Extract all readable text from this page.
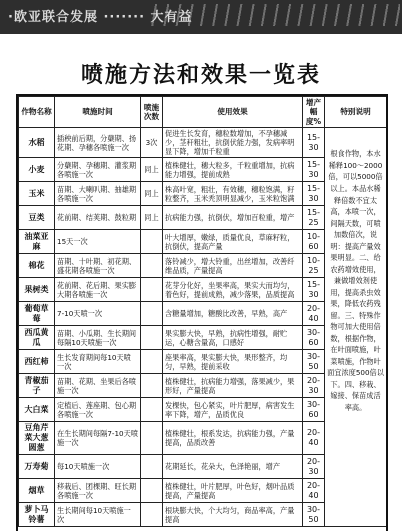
·欧亚联合发展 ······· 大有益
喷施方法和效果一览表
作物名称	喷施时间	喷施次数	使用效果	增产幅度%	特别说明
水稻	插秧前后期，分蘖期、扬花期、孕穗各喷施一次	3次	促进生长发育，穗粒数增加，不孕穗减少，茎秆粗壮，抗倒伏能力强，发病率明显下降，增加千粒重	15-30	根食作物，本水稀释100～2000倍，可以5000倍以上。本品水稀释倍数不宜太高，本喷一次，间隔天数，可喷加数倍次，说明：提高产量效果明显。二、给农药增效使用，兼做增效剂使用，提高杀虫效果，降低农药残留。三、特殊作物可加大使用倍数，根据作物，在叶面喷施，叶菜喷施，作物叶面宜浓度500倍以下。四、移栽、嫁接、保苗成活率高。
小麦	分蘖期、孕穗期、灌浆期各喷施一次	同上	植株健壮，穗大粒多，千粒重增加，抗病能力增强，提前成熟	15-30	
玉米	苗期、大喇叭期、抽雄期各喷施一次	同上	株高叶宽，粗壮，有效穗，穗粒饱满，籽粒整齐，玉米秃顶明显减少，玉米粒饱满	15-30	
豆类	花前期、结荚期、鼓粒期	同上	抗病能力强，抗倒伏，增加百粒重，增产	15-25	
油菜亚麻	15天一次		叶大增厚，嫩绿，质量优良，草麻籽粒，抗倒伏，提高产量	10-60	
棉花	苗期、十叶期、初花期、盛花期各喷施一次		落铃减少，增大铃重，出丝增加，改善纤维品质，产量提高	10-25	
果树类	花前期、花后期、果实膨大期各喷施一次		花芽分化好，坐果率高，果实大而均匀，着色好，提前成熟，减少落果，品质提高	15-30	
葡萄草莓	7-10天喷一次		含糖量增加，糖酸比改善，早熟，高产	20-40	
西瓜黄瓜	苗期、小瓜期、生长期间每隔10天喷施一次		果实膨大快，早熟，抗病性增强，耐贮运，心糖含量高，口感好	30-60	
西红柿	生长发育期间每10天喷一次		座果率高，果实膨大快，果形整齐，均匀，早熟，提前采收	30-50	
青椒茄子	苗期、花期、坐果后各喷施一次		植株健壮，抗病能力增强，落果减少，果形好，产量提高	20-30	
大白菜	定植后、莲座期、包心期各喷施一次		发棵快，包心紧实，叶片肥厚，病害发生率下降，增产，品质优良	30-60	
豆角芹菜大葱圆葱	在生长期间每隔7-10天喷施一次		植株健壮，根系发达，抗病能力强，产量提高，品质改善	20-40	
万寿菊	每10天喷施一次		花期延长，花朵大，色泽艳丽，增产	20-30	
烟草	移栽后、团棵期、旺长期各喷施一次		植株健壮，叶片肥厚，叶色好，烟叶品质提高，产量提高	20-40	
萝卜马铃薯	生长期间每10天喷施一次		根块膨大快，个大均匀，商品率高，产量提高	30-50	
